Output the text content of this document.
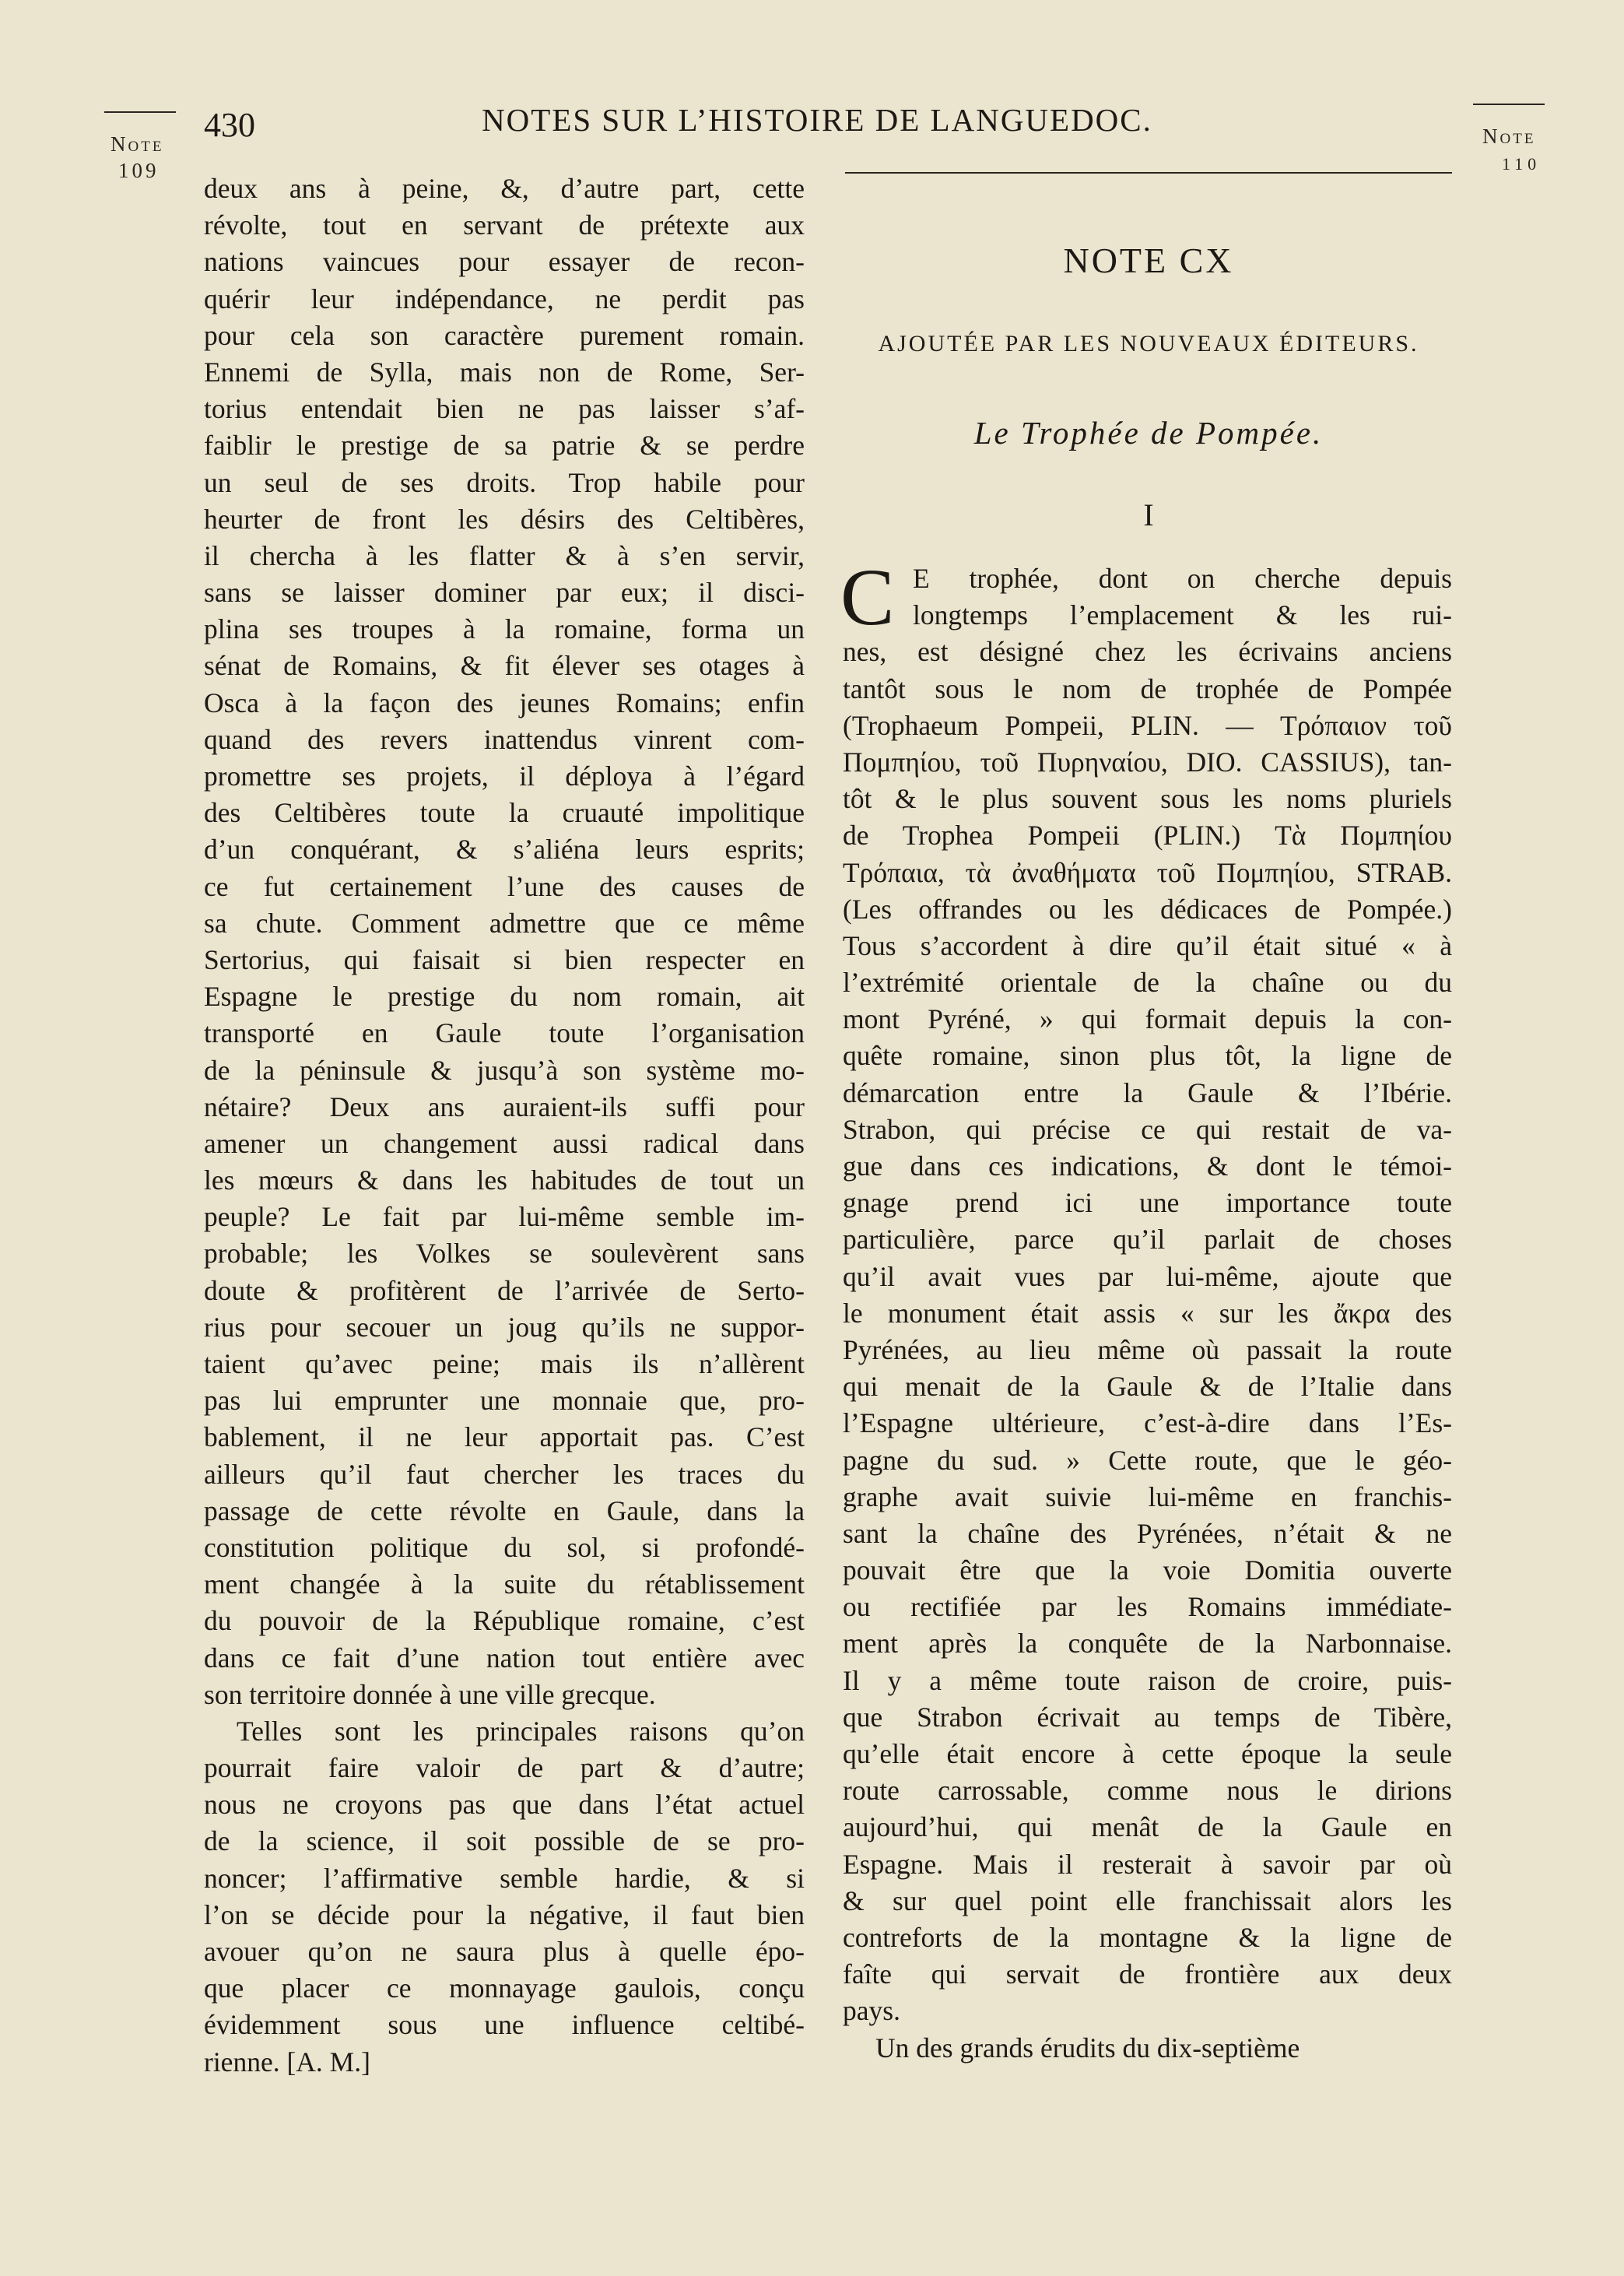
Note
109
Note
110
430	NOTES SUR L’HISTOIRE DE LANGUEDOC.
deux ans à peine, &, d’autre part, cette
révolte, tout en servant de prétexte aux
nations vaincues pour essayer de recon-
quérir leur indépendance, ne perdit pas
pour cela son caractère purement romain.
Ennemi de Sylla, mais non de Rome, Ser-
torius entendait bien ne pas laisser s’af-
faiblir le prestige de sa patrie & se perdre
un seul de ses droits. Trop habile pour
heurter de front les désirs des Celtibères,
il chercha à les flatter & à s’en servir,
sans se laisser dominer par eux; il disci-
plina ses troupes à la romaine, forma un
sénat de Romains, & fit élever ses otages à
Osca à la façon des jeunes Romains; enfin
quand des revers inattendus vinrent com-
promettre ses projets, il déploya à l’égard
des Celtibères toute la cruauté impolitique
d’un conquérant, & s’aliéna leurs esprits;
ce fut certainement l’une des causes de
sa chute. Comment admettre que ce même
Sertorius, qui faisait si bien respecter en
Espagne le prestige du nom romain, ait
transporté en Gaule toute l’organisation
de la péninsule & jusqu’à son système mo-
nétaire? Deux ans auraient-ils suffi pour
amener un changement aussi radical dans
les mœurs & dans les habitudes de tout un
peuple? Le fait par lui-même semble im-
probable; les Volkes se soulevèrent sans
doute & profitèrent de l’arrivée de Serto-
rius pour secouer un joug qu’ils ne suppor-
taient qu’avec peine; mais ils n’allèrent
pas lui emprunter une monnaie que, pro-
bablement, il ne leur apportait pas. C’est
ailleurs qu’il faut chercher les traces du
passage de cette révolte en Gaule, dans la
constitution politique du sol, si profondé-
ment changée à la suite du rétablissement
du pouvoir de la République romaine, c’est
dans ce fait d’une nation tout entière avec
son territoire donnée à une ville grecque.
Telles sont les principales raisons qu’on
pourrait faire valoir de part & d’autre;
nous ne croyons pas que dans l’état actuel
de la science, il soit possible de se pro-
noncer; l’affirmative semble hardie, & si
l’on se décide pour la négative, il faut bien
avouer qu’on ne saura plus à quelle épo-
que placer ce monnayage gaulois, conçu
évidemment sous une influence celtibé-
rienne. [A. M.]
NOTE CX
AJOUTÉE PAR LES NOUVEAUX ÉDITEURS.
Le Trophée de Pompée.
I
C E trophée, dont on cherche depuis
longtemps l’emplacement & les rui-
nes, est désigné chez les écrivains anciens
tantôt sous le nom de trophée de Pompée
(Trophaeum Pompeii, PLIN. — Τρόπαιον τοῦ
Πομπηίου, τοῦ Πυρηναίου, DIO. CASSIUS), tan-
tôt & le plus souvent sous les noms pluriels
de Trophea Pompeii (PLIN.) Τὰ Πομπηίου
Τρόπαια, τὰ ἀναθήματα τοῦ Πομπηίου, STRAB.
(Les offrandes ou les dédicaces de Pompée.)
Tous s’accordent à dire qu’il était situé « à
l’extrémité orientale de la chaîne ou du
mont Pyréné, » qui formait depuis la con-
quête romaine, sinon plus tôt, la ligne de
démarcation entre la Gaule & l’Ibérie.
Strabon, qui précise ce qui restait de va-
gue dans ces indications, & dont le témoi-
gnage prend ici une importance toute
particulière, parce qu’il parlait de choses
qu’il avait vues par lui-même, ajoute que
le monument était assis « sur les ἄκρα des
Pyrénées, au lieu même où passait la route
qui menait de la Gaule & de l’Italie dans
l’Espagne ultérieure, c’est-à-dire dans l’Es-
pagne du sud. » Cette route, que le géo-
graphe avait suivie lui-même en franchis-
sant la chaîne des Pyrénées, n’était & ne
pouvait être que la voie Domitia ouverte
ou rectifiée par les Romains immédiate-
ment après la conquête de la Narbonnaise.
Il y a même toute raison de croire, puis-
que Strabon écrivait au temps de Tibère,
qu’elle était encore à cette époque la seule
route carrossable, comme nous le dirions
aujourd’hui, qui menât de la Gaule en
Espagne. Mais il resterait à savoir par où
& sur quel point elle franchissait alors les
contreforts de la montagne & la ligne de
faîte qui servait de frontière aux deux
pays.
Un des grands érudits du dix-septième
